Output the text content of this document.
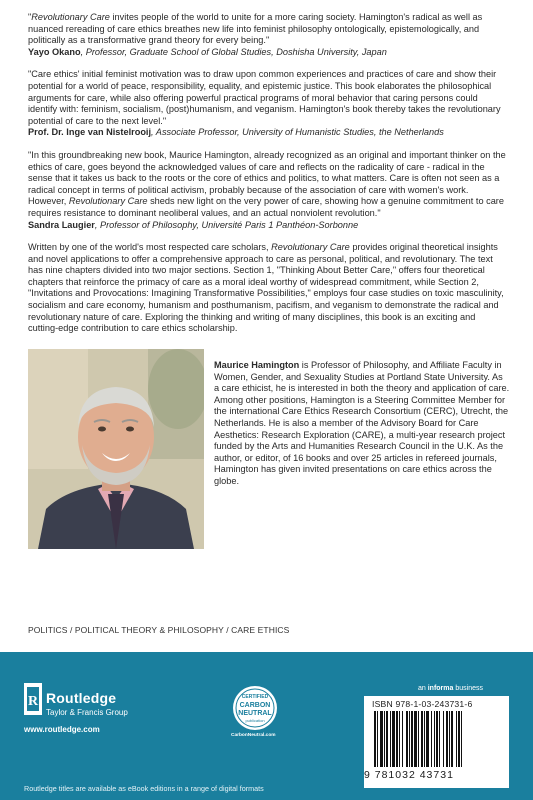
"Revolutionary Care invites people of the world to unite for a more caring society. Hamington's radical as well as nuanced rereading of care ethics breathes new life into feminist philosophy ontologically, epistemologically, and politically as a transformative grand theory for every being."

Yayo Okano, Professor, Graduate School of Global Studies, Doshisha University, Japan

"Care ethics' initial feminist motivation was to draw upon common experiences and practices of care and show their potential for a world of peace, responsibility, equality, and epistemic justice. This book elaborates the philosophical arguments for care, while also offering powerful practical programs of moral behavior that caring persons could identify with: feminism, socialism, (post)humanism, and veganism. Hamington's book thereby takes the revolutionary potential of care to the next level."

Prof. Dr. Inge van Nistelrooij, Associate Professor, University of Humanistic Studies, the Netherlands

"In this groundbreaking new book, Maurice Hamington, already recognized as an original and important thinker on the ethics of care, goes beyond the acknowledged values of care and reflects on the radicality of care - radical in the sense that it takes us back to the roots or the core of ethics and politics, to what matters. Care is often not seen as a radical concept in terms of political activism, probably because of the association of care with women's work. However, Revolutionary Care sheds new light on the very power of care, showing how a genuine commitment to care requires resistance to dominant neoliberal values, and an actual nonviolent revolution."

Sandra Laugier, Professor of Philosophy, Université Paris 1 Panthéon-Sorbonne

Written by one of the world's most respected care scholars, Revolutionary Care provides original theoretical insights and novel applications to offer a comprehensive approach to care as personal, political, and revolutionary. The text has nine chapters divided into two major sections. Section 1, "Thinking About Better Care," offers four theoretical chapters that reinforce the primacy of care as a moral ideal worthy of widespread commitment, while Section 2, "Invitations and Provocations: Imagining Transformative Possibilities," employs four case studies on toxic masculinity, socialism and care economy, humanism and posthumanism, pacifism, and veganism to demonstrate the radical and revolutionary nature of care. Exploring the thinking and writing of many disciplines, this book is an exciting and cutting-edge contribution to care ethics scholarship.

Maurice Hamington is Professor of Philosophy, and Affiliate Faculty in Women, Gender, and Sexuality Studies at Portland State University. As a care ethicist, he is interested in both the theory and application of care. Among other positions, Hamington is a Steering Committee Member for the international Care Ethics Research Consortium (CERC), Utrecht, the Netherlands. He is also a member of the Advisory Board for Care Aesthetics: Research Exploration (CARE), a multi-year research project funded by the Arts and Humanities Research Council in the U.K. As the author, or editor, of 16 books and over 25 articles in refereed journals, Hamington has given invited presentations on care ethics across the globe.

POLITICS / POLITICAL THEORY & PHILOSOPHY / CARE ETHICS
R Routledge
Taylor & Francis Group
www.routledge.com
CERTIFIED
CARBON
NEUTRAL
publication
CarbonNeutral.com
an informa business
ISBN 978-1-03-243731-6
9 781032 43731
Routledge titles are available as eBook editions in a range of digital formats
